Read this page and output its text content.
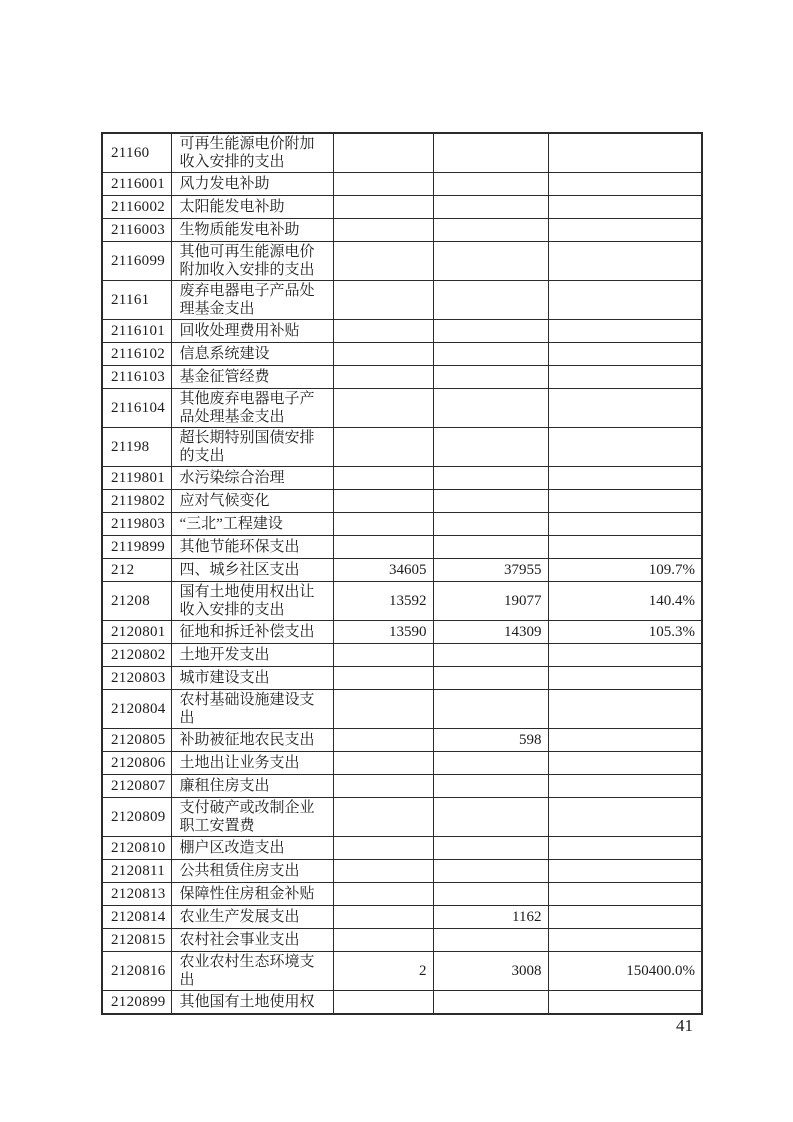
21160	可再生能源电价附加收入安排的支出			
2116001	风力发电补助			
2116002	太阳能发电补助			
2116003	生物质能发电补助			
2116099	其他可再生能源电价附加收入安排的支出			
21161	废弃电器电子产品处理基金支出			
2116101	回收处理费用补贴			
2116102	信息系统建设			
2116103	基金征管经费			
2116104	其他废弃电器电子产品处理基金支出			
21198	超长期特别国债安排的支出			
2119801	水污染综合治理			
2119802	应对气候变化			
2119803	“三北”工程建设			
2119899	其他节能环保支出			
212	四、城乡社区支出	34605	37955	109.7%
21208	国有土地使用权出让收入安排的支出	13592	19077	140.4%
2120801	征地和拆迁补偿支出	13590	14309	105.3%
2120802	土地开发支出			
2120803	城市建设支出			
2120804	农村基础设施建设支出			
2120805	补助被征地农民支出		598	
2120806	土地出让业务支出			
2120807	廉租住房支出			
2120809	支付破产或改制企业职工安置费			
2120810	棚户区改造支出			
2120811	公共租赁住房支出			
2120813	保障性住房租金补贴			
2120814	农业生产发展支出		1162	
2120815	农村社会事业支出			
2120816	农业农村生态环境支出	2	3008	150400.0%
2120899	其他国有土地使用权			
41
